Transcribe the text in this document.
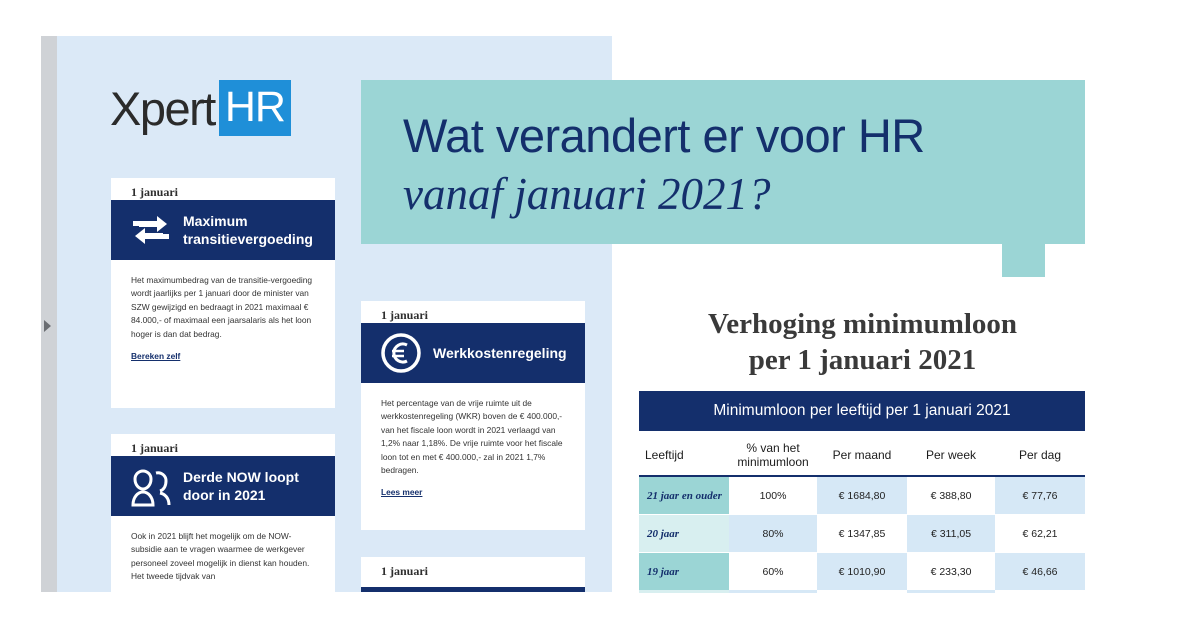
Xpert HR
1 januari
Maximum transitievergoeding
Het maximumbedrag van de transitie-vergoeding wordt jaarlijks per 1 januari door de minister van SZW gewijzigd en bedraagt in 2021 maximaal € 84.000,- of maximaal een jaarsalaris als het loon hoger is dan dat bedrag.
Bereken zelf
1 januari
Werkkostenregeling
Het percentage van de vrije ruimte uit de werkkostenregeling (WKR) boven de € 400.000,- van het fiscale loon wordt in 2021 verlaagd van 1,2% naar 1,18%. De vrije ruimte voor het fiscale loon tot en met € 400.000,- zal in 2021 1,7% bedragen.
Lees meer
1 januari
Derde NOW loopt door in 2021
Ook in 2021 blijft het mogelijk om de NOW-subsidie aan te vragen waarmee de werkgever personeel zoveel mogelijk in dienst kan houden. Het tweede tijdvak van	1 januari
Wat verandert er voor HR
vanaf januari 2021?
Verhoging minimumloon
per 1 januari 2021
Minimumloon per leeftijd per 1 januari 2021
Leeftijd	% van het minimumloon	Per maand	Per week	Per dag
21 jaar en ouder	100%	€ 1684,80	€ 388,80	€ 77,76
20 jaar	80%	€ 1347,85	€ 311,05	€ 62,21
19 jaar	60%	€ 1010,90	€ 233,30	€ 46,66
